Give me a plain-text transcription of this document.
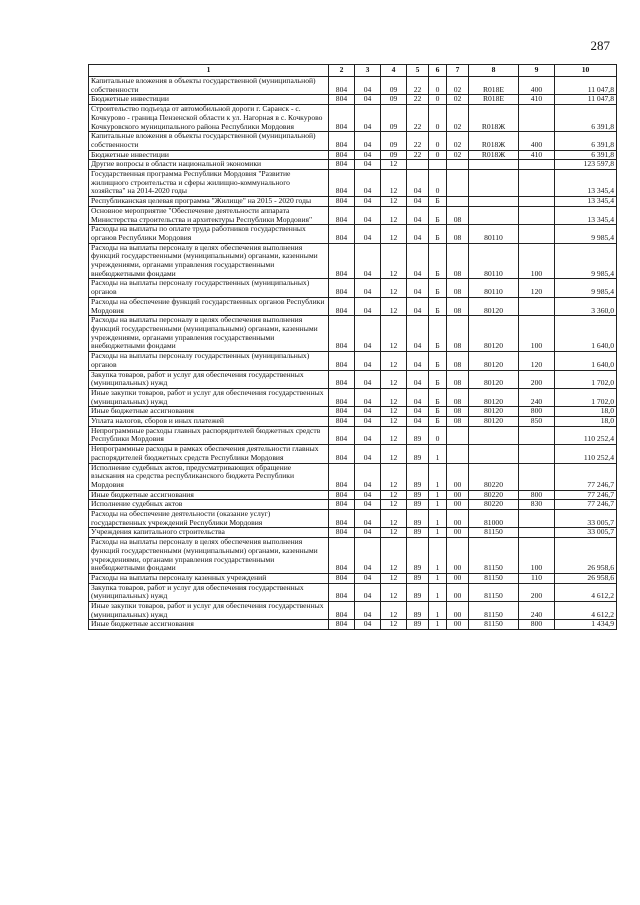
287
1	2	3	4	5	6	7	8	9	10
Капитальные вложения в объекты государственной (муниципальной) собственности	804	04	09	22	0	02	R018Е	400	11 047,8
Бюджетные инвестиции	804	04	09	22	0	02	R018Е	410	11 047,8
Строительство подъезда от автомобильной дороги г. Саранск - с. Кочкурово - граница Пензенской области к ул. Нагорная в с. Кочкурово Кочкуровского муниципального района Республики Мордовия	804	04	09	22	0	02	R018Ж		6 391,8
Капитальные вложения в объекты государственной (муниципальной) собственности	804	04	09	22	0	02	R018Ж	400	6 391,8
Бюджетные инвестиции	804	04	09	22	0	02	R018Ж	410	6 391,8
Другие вопросы в области национальной экономики	804	04	12						123 597,8
Государственная программа Республики Мордовия "Развитие жилищного строительства и сферы жилищно-коммунального хозяйства" на 2014-2020 годы	804	04	12	04	0				13 345,4
Республиканская целевая программа "Жилище" на 2015 - 2020 годы	804	04	12	04	Б				13 345,4
Основное мероприятие "Обеспечение деятельности аппарата Министерства строительства и архитектуры Республики Мордовия"	804	04	12	04	Б	08			13 345,4
Расходы на выплаты по оплате труда работников государственных органов Республики Мордовия	804	04	12	04	Б	08	80110		9 985,4
Расходы на выплаты персоналу в целях обеспечения выполнения функций государственными (муниципальными) органами, казенными учреждениями, органами управления государственными внебюджетными фондами	804	04	12	04	Б	08	80110	100	9 985,4
Расходы на выплаты персоналу государственных (муниципальных) органов	804	04	12	04	Б	08	80110	120	9 985,4
Расходы на обеспечение функций государственных органов Республики Мордовия	804	04	12	04	Б	08	80120		3 360,0
Расходы на выплаты персоналу в целях обеспечения выполнения функций государственными (муниципальными) органами, казенными учреждениями, органами управления государственными внебюджетными фондами	804	04	12	04	Б	08	80120	100	1 640,0
Расходы на выплаты персоналу государственных (муниципальных) органов	804	04	12	04	Б	08	80120	120	1 640,0
Закупка товаров, работ и услуг для обеспечения государственных (муниципальных) нужд	804	04	12	04	Б	08	80120	200	1 702,0
Иные закупки товаров, работ и услуг для обеспечения государственных (муниципальных) нужд	804	04	12	04	Б	08	80120	240	1 702,0
Иные бюджетные ассигнования	804	04	12	04	Б	08	80120	800	18,0
Уплата налогов, сборов и иных платежей	804	04	12	04	Б	08	80120	850	18,0
Непрограммные расходы главных распорядителей бюджетных средств Республики Мордовия	804	04	12	89	0				110 252,4
Непрограммные расходы в рамках обеспечения деятельности главных распорядителей бюджетных средств Республики Мордовия	804	04	12	89	1				110 252,4
Исполнение судебных актов, предусматривающих обращение взыскания на средства республиканского бюджета Республики Мордовия	804	04	12	89	1	00	80220		77 246,7
Иные бюджетные ассигнования	804	04	12	89	1	00	80220	800	77 246,7
Исполнение судебных актов	804	04	12	89	1	00	80220	830	77 246,7
Расходы на обеспечение деятельности (оказание услуг) государственных учреждений Республики Мордовия	804	04	12	89	1	00	81000		33 005,7
Учреждения капитального строительства	804	04	12	89	1	00	81150		33 005,7
Расходы на выплаты персоналу в целях обеспечения выполнения функций государственными (муниципальными) органами, казенными учреждениями, органами управления государственными внебюджетными фондами	804	04	12	89	1	00	81150	100	26 958,6
Расходы на выплаты персоналу казенных учреждений	804	04	12	89	1	00	81150	110	26 958,6
Закупка товаров, работ и услуг для обеспечения государственных (муниципальных) нужд	804	04	12	89	1	00	81150	200	4 612,2
Иные закупки товаров, работ и услуг для обеспечения государственных (муниципальных) нужд	804	04	12	89	1	00	81150	240	4 612,2
Иные бюджетные ассигнования	804	04	12	89	1	00	81150	800	1 434,9
